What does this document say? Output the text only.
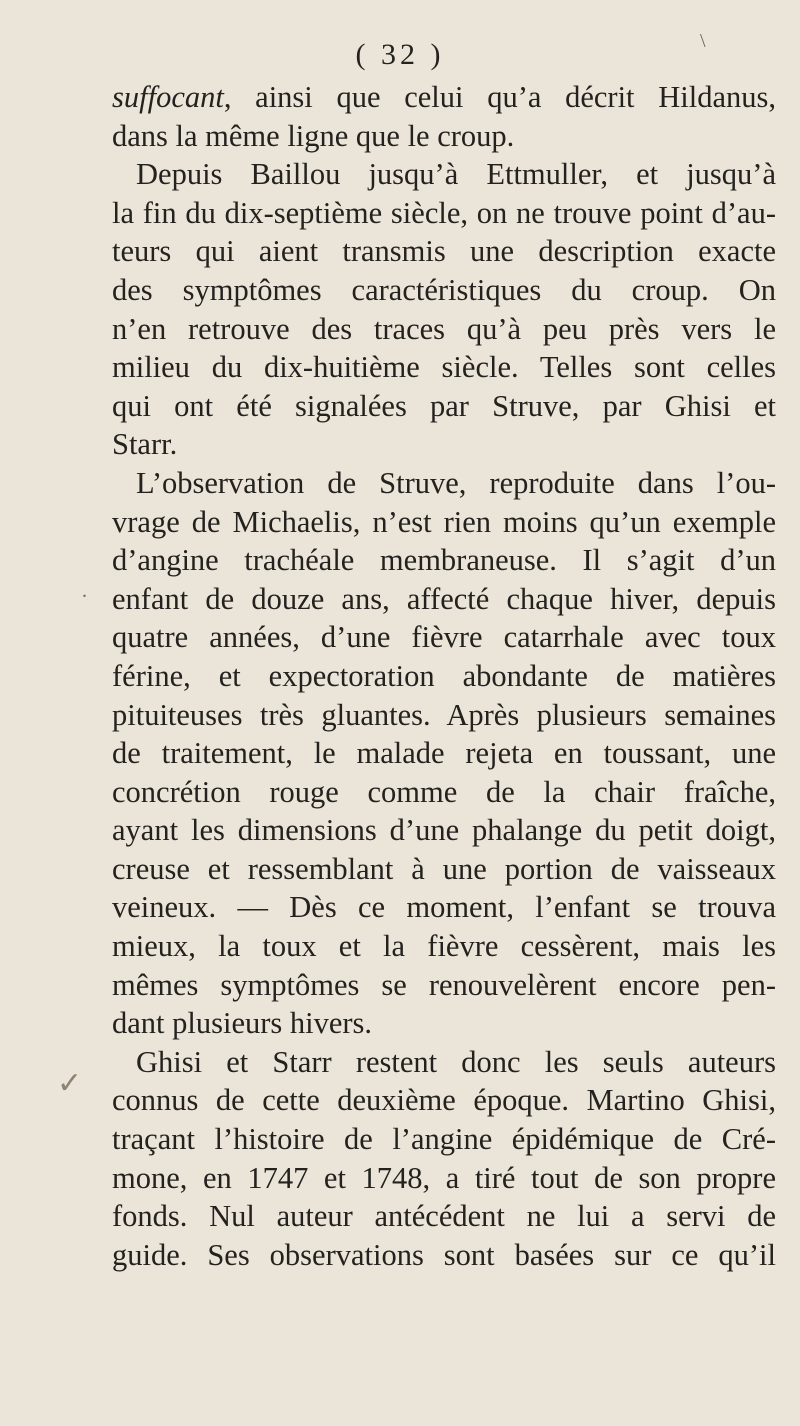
\
✓
.
( 32 )
suffocant, ainsi que celui qu’a décrit Hildanus,
dans la même ligne que le croup.
Depuis Baillou jusqu’à Ettmuller, et jusqu’à
la fin du dix-septième siècle, on ne trouve point d’au-
teurs qui aient transmis une description exacte
des symptômes caractéristiques du croup. On
n’en retrouve des traces qu’à peu près vers le
milieu du dix-huitième siècle. Telles sont celles
qui ont été signalées par Struve, par Ghisi et
Starr.
L’observation de Struve, reproduite dans l’ou-
vrage de Michaelis, n’est rien moins qu’un exemple
d’angine trachéale membraneuse. Il s’agit d’un
enfant de douze ans, affecté chaque hiver, depuis
quatre années, d’une fièvre catarrhale avec toux
férine, et expectoration abondante de matières
pituiteuses très gluantes. Après plusieurs semaines
de traitement, le malade rejeta en toussant, une
concrétion rouge comme de la chair fraîche,
ayant les dimensions d’une phalange du petit doigt,
creuse et ressemblant à une portion de vaisseaux
veineux. — Dès ce moment, l’enfant se trouva
mieux, la toux et la fièvre cessèrent, mais les
mêmes symptômes se renouvelèrent encore pen-
dant plusieurs hivers.
Ghisi et Starr restent donc les seuls auteurs
connus de cette deuxième époque. Martino Ghisi,
traçant l’histoire de l’angine épidémique de Cré-
mone, en 1747 et 1748, a tiré tout de son propre
fonds. Nul auteur antécédent ne lui a servi de
guide. Ses observations sont basées sur ce qu’il
